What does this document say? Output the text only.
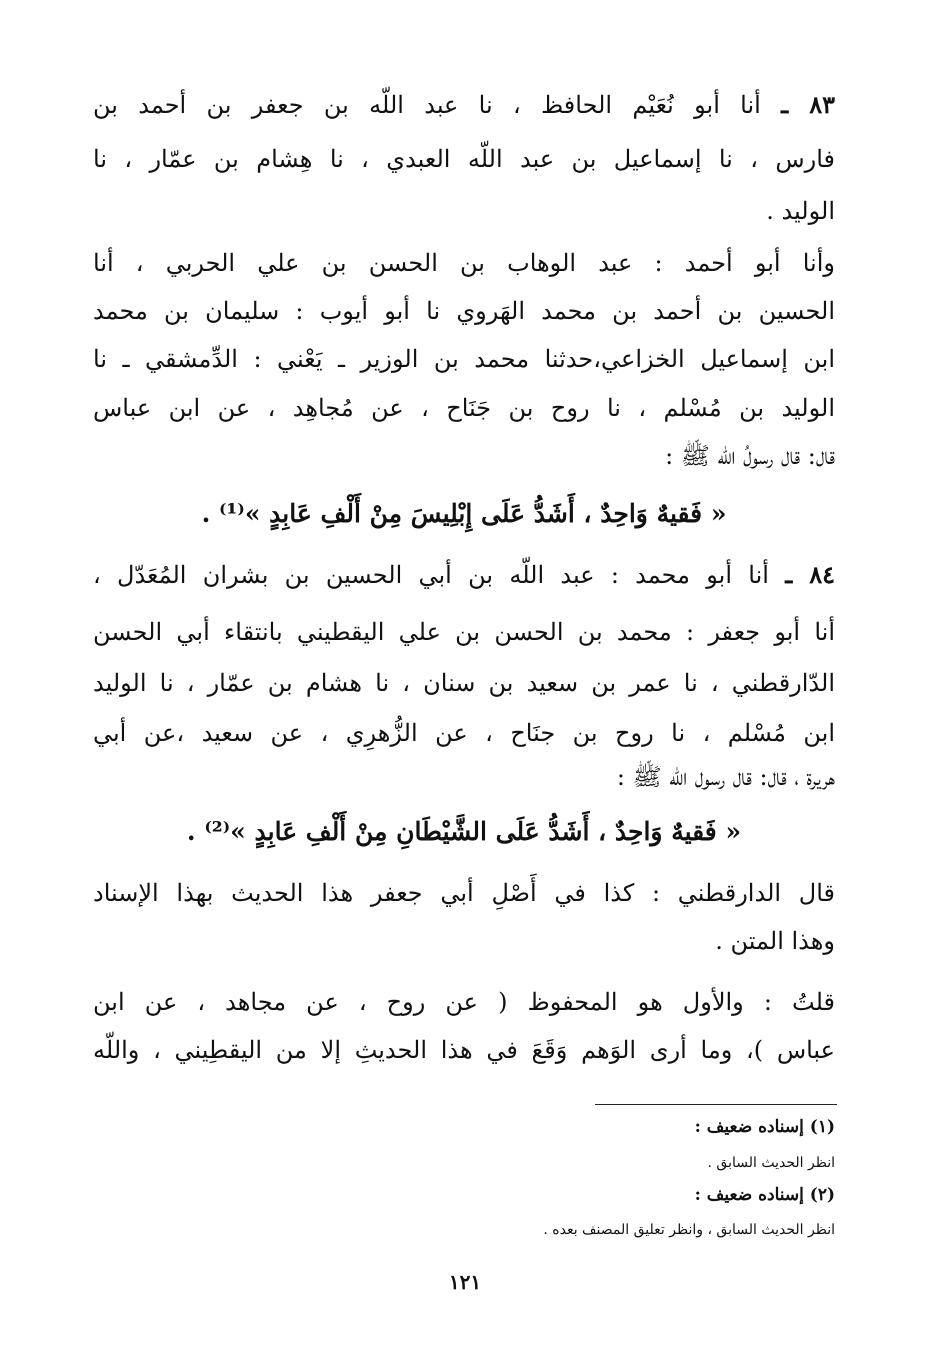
٨٣ ـ أنا أبو نُعَيْم الحافظ ، نا عبد اللّه بن جعفر بن أحمد بن
فارس ، نا إسماعيل بن عبد اللّه العبدي ، نا هِشام بن عمّار ، نا
الوليد .
وأنا أبو أحمد : عبد الوهاب بن الحسن بن علي الحربي ، أنا
الحسين بن أحمد بن محمد الهَروي نا أبو أيوب : سليمان بن محمد
ابن إسماعيل الخزاعي،حدثنا محمد بن الوزير ـ يَعْني : الدِّمشقي ـ نا
الوليد بن مُسْلم ، نا روح بن جَنَاح ، عن مُجاهِد ، عن ابن عباس
قال: قال رسولُ اللّه ﷺ :
« فَقيهٌ وَاحِدٌ ، أَشَدُّ عَلَى إِبْلِيسَ مِنْ أَلْفِ عَابِدٍ »⁽¹⁾ .
٨٤ ـ أنا أبو محمد : عبد اللّه بن أبي الحسين بن بشران المُعَدّل ،
أنا أبو جعفر : محمد بن الحسن بن علي اليقطيني بانتقاء أبي الحسن
الدّارقطني ، نا عمر بن سعيد بن سنان ، نا هشام بن عمّار ، نا الوليد
ابن مُسْلم ، نا روح بن جنَاح ، عن الزُّهرِي ، عن سعيد ،عن أبي
هريرة ، قال: قال رسول اللّه ﷺ :
« فَقيهٌ وَاحِدٌ ، أَشَدُّ عَلَى الشَّيْطَانِ مِنْ أَلْفِ عَابِدٍ »⁽²⁾ .
قال الدارقطني : كذا في أَصْلِ أبي جعفر هذا الحديث بهذا الإسناد
وهذا المتن .
قلتُ : والأول هو المحفوظ ( عن روح ، عن مجاهد ، عن ابن
عباس )، وما أرى الوَهم وَقَعَ في هذا الحديثِ إلا من اليقطِيني ، واللّه
(١) إسناده ضعيف :
انظر الحديث السابق .
(٢) إسناده ضعيف :
انظر الحديث السابق ، وانظر تعليق المصنف بعده .
١٢١
